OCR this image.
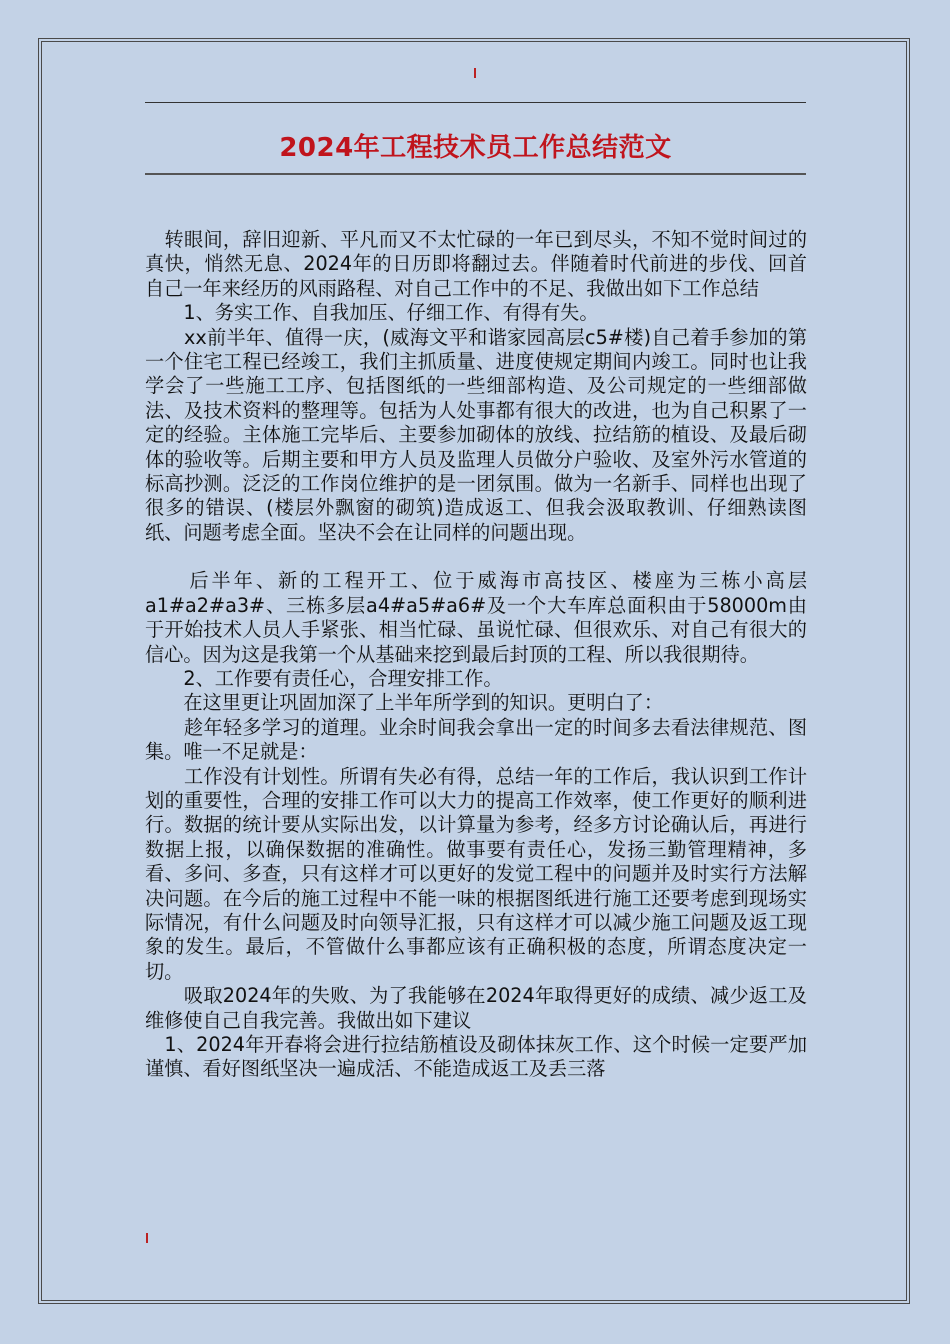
2024年工程技术员工作总结范文

　转眼间，辞旧迎新、平凡而又不太忙碌的一年已到尽头，不知不觉时间过的真快，悄然无息、2024年的日历即将翻过去。伴随着时代前进的步伐、回首自己一年来经历的风雨路程、对自己工作中的不足、我做出如下工作总结

　　1、务实工作、自我加压、仔细工作、有得有失。

　　xx前半年、值得一庆，(威海文平和谐家园高层c5#楼)自己着手参加的第一个住宅工程已经竣工，我们主抓质量、进度使规定期间内竣工。同时也让我学会了一些施工工序、包括图纸的一些细部构造、及公司规定的一些细部做法、及技术资料的整理等。包括为人处事都有很大的改进，也为自己积累了一定的经验。主体施工完毕后、主要参加砌体的放线、拉结筋的植设、及最后砌体的验收等。后期主要和甲方人员及监理人员做分户验收、及室外污水管道的标高抄测。泛泛的工作岗位维护的是一团氛围。做为一名新手、同样也出现了很多的错误、(楼层外飘窗的砌筑)造成返工、但我会汲取教训、仔细熟读图纸、问题考虑全面。坚决不会在让同样的问题出现。

　　后半年、新的工程开工、位于威海市高技区、楼座为三栋小高层a1#a2#a3#、三栋多层a4#a5#a6#及一个大车库总面积由于58000m由于开始技术人员人手紧张、相当忙碌、虽说忙碌、但很欢乐、对自己有很大的信心。因为这是我第一个从基础来挖到最后封顶的工程、所以我很期待。

　　2、工作要有责任心，合理安排工作。

　　在这里更让巩固加深了上半年所学到的知识。更明白了：

　　趁年轻多学习的道理。业余时间我会拿出一定的时间多去看法律规范、图集。唯一不足就是：

　　工作没有计划性。所谓有失必有得，总结一年的工作后，我认识到工作计划的重要性，合理的安排工作可以大力的提高工作效率，使工作更好的顺利进行。数据的统计要从实际出发，以计算量为参考，经多方讨论确认后，再进行数据上报，以确保数据的准确性。做事要有责任心，发扬三勤管理精神，多看、多问、多查，只有这样才可以更好的发觉工程中的问题并及时实行方法解决问题。在今后的施工过程中不能一味的根据图纸进行施工还要考虑到现场实际情况，有什么问题及时向领导汇报，只有这样才可以减少施工问题及返工现象的发生。最后，不管做什么事都应该有正确积极的态度，所谓态度决定一切。

　　吸取2024年的失败、为了我能够在2024年取得更好的成绩、减少返工及维修使自己自我完善。我做出如下建议

　1、2024年开春将会进行拉结筋植设及砌体抹灰工作、这个时候一定要严加谨慎、看好图纸坚决一遍成活、不能造成返工及丢三落
